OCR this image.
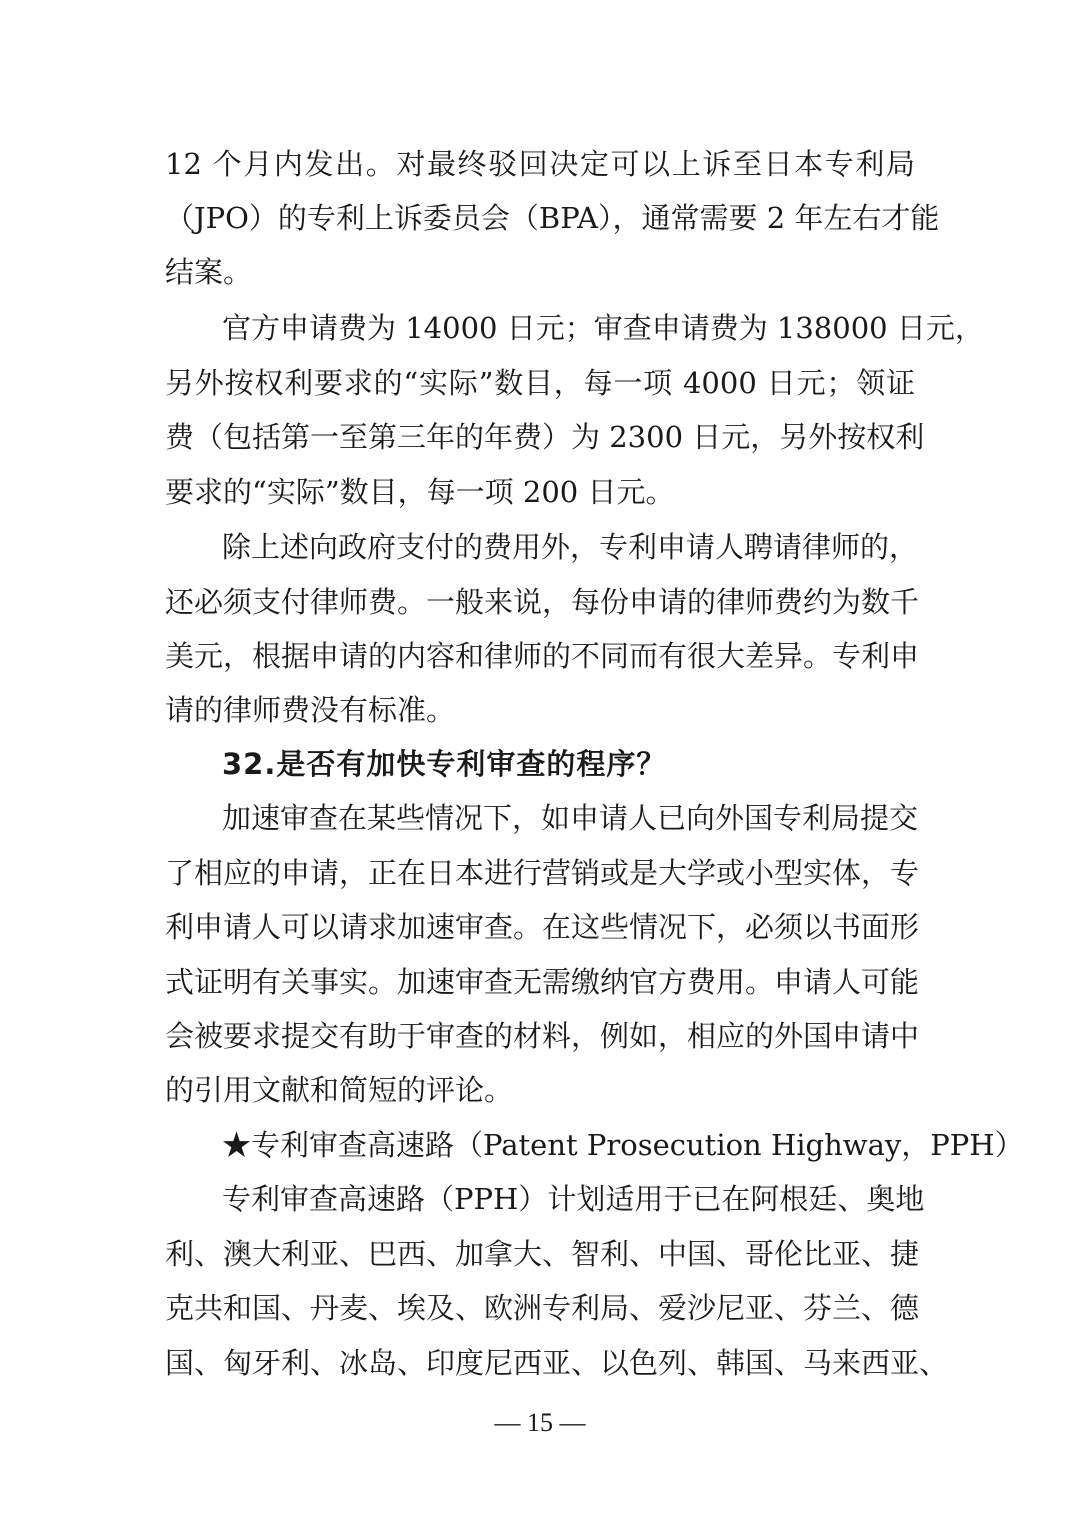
12 个月内发出。对最终驳回决定可以上诉至日本专利局
（JPO）的专利上诉委员会（BPA），通常需要 2 年左右才能
结案。
官方申请费为 14000 日元；审查申请费为 138000 日元，
另外按权利要求的“实际”数目，每一项 4000 日元；领证
费（包括第一至第三年的年费）为 2300 日元，另外按权利
要求的“实际”数目，每一项 200 日元。
除上述向政府支付的费用外，专利申请人聘请律师的，
还必须支付律师费。一般来说，每份申请的律师费约为数千
美元，根据申请的内容和律师的不同而有很大差异。专利申
请的律师费没有标准。
32.是否有加快专利审查的程序？
加速审查在某些情况下，如申请人已向外国专利局提交
了相应的申请，正在日本进行营销或是大学或小型实体，专
利申请人可以请求加速审查。在这些情况下，必须以书面形
式证明有关事实。加速审查无需缴纳官方费用。申请人可能
会被要求提交有助于审查的材料，例如，相应的外国申请中
的引用文献和简短的评论。
★专利审查高速路（Patent Prosecution Highway，PPH）
专利审查高速路（PPH）计划适用于已在阿根廷、奥地
利、澳大利亚、巴西、加拿大、智利、中国、哥伦比亚、捷
克共和国、丹麦、埃及、欧洲专利局、爱沙尼亚、芬兰、德
国、匈牙利、冰岛、印度尼西亚、以色列、韩国、马来西亚、
— 15 —
